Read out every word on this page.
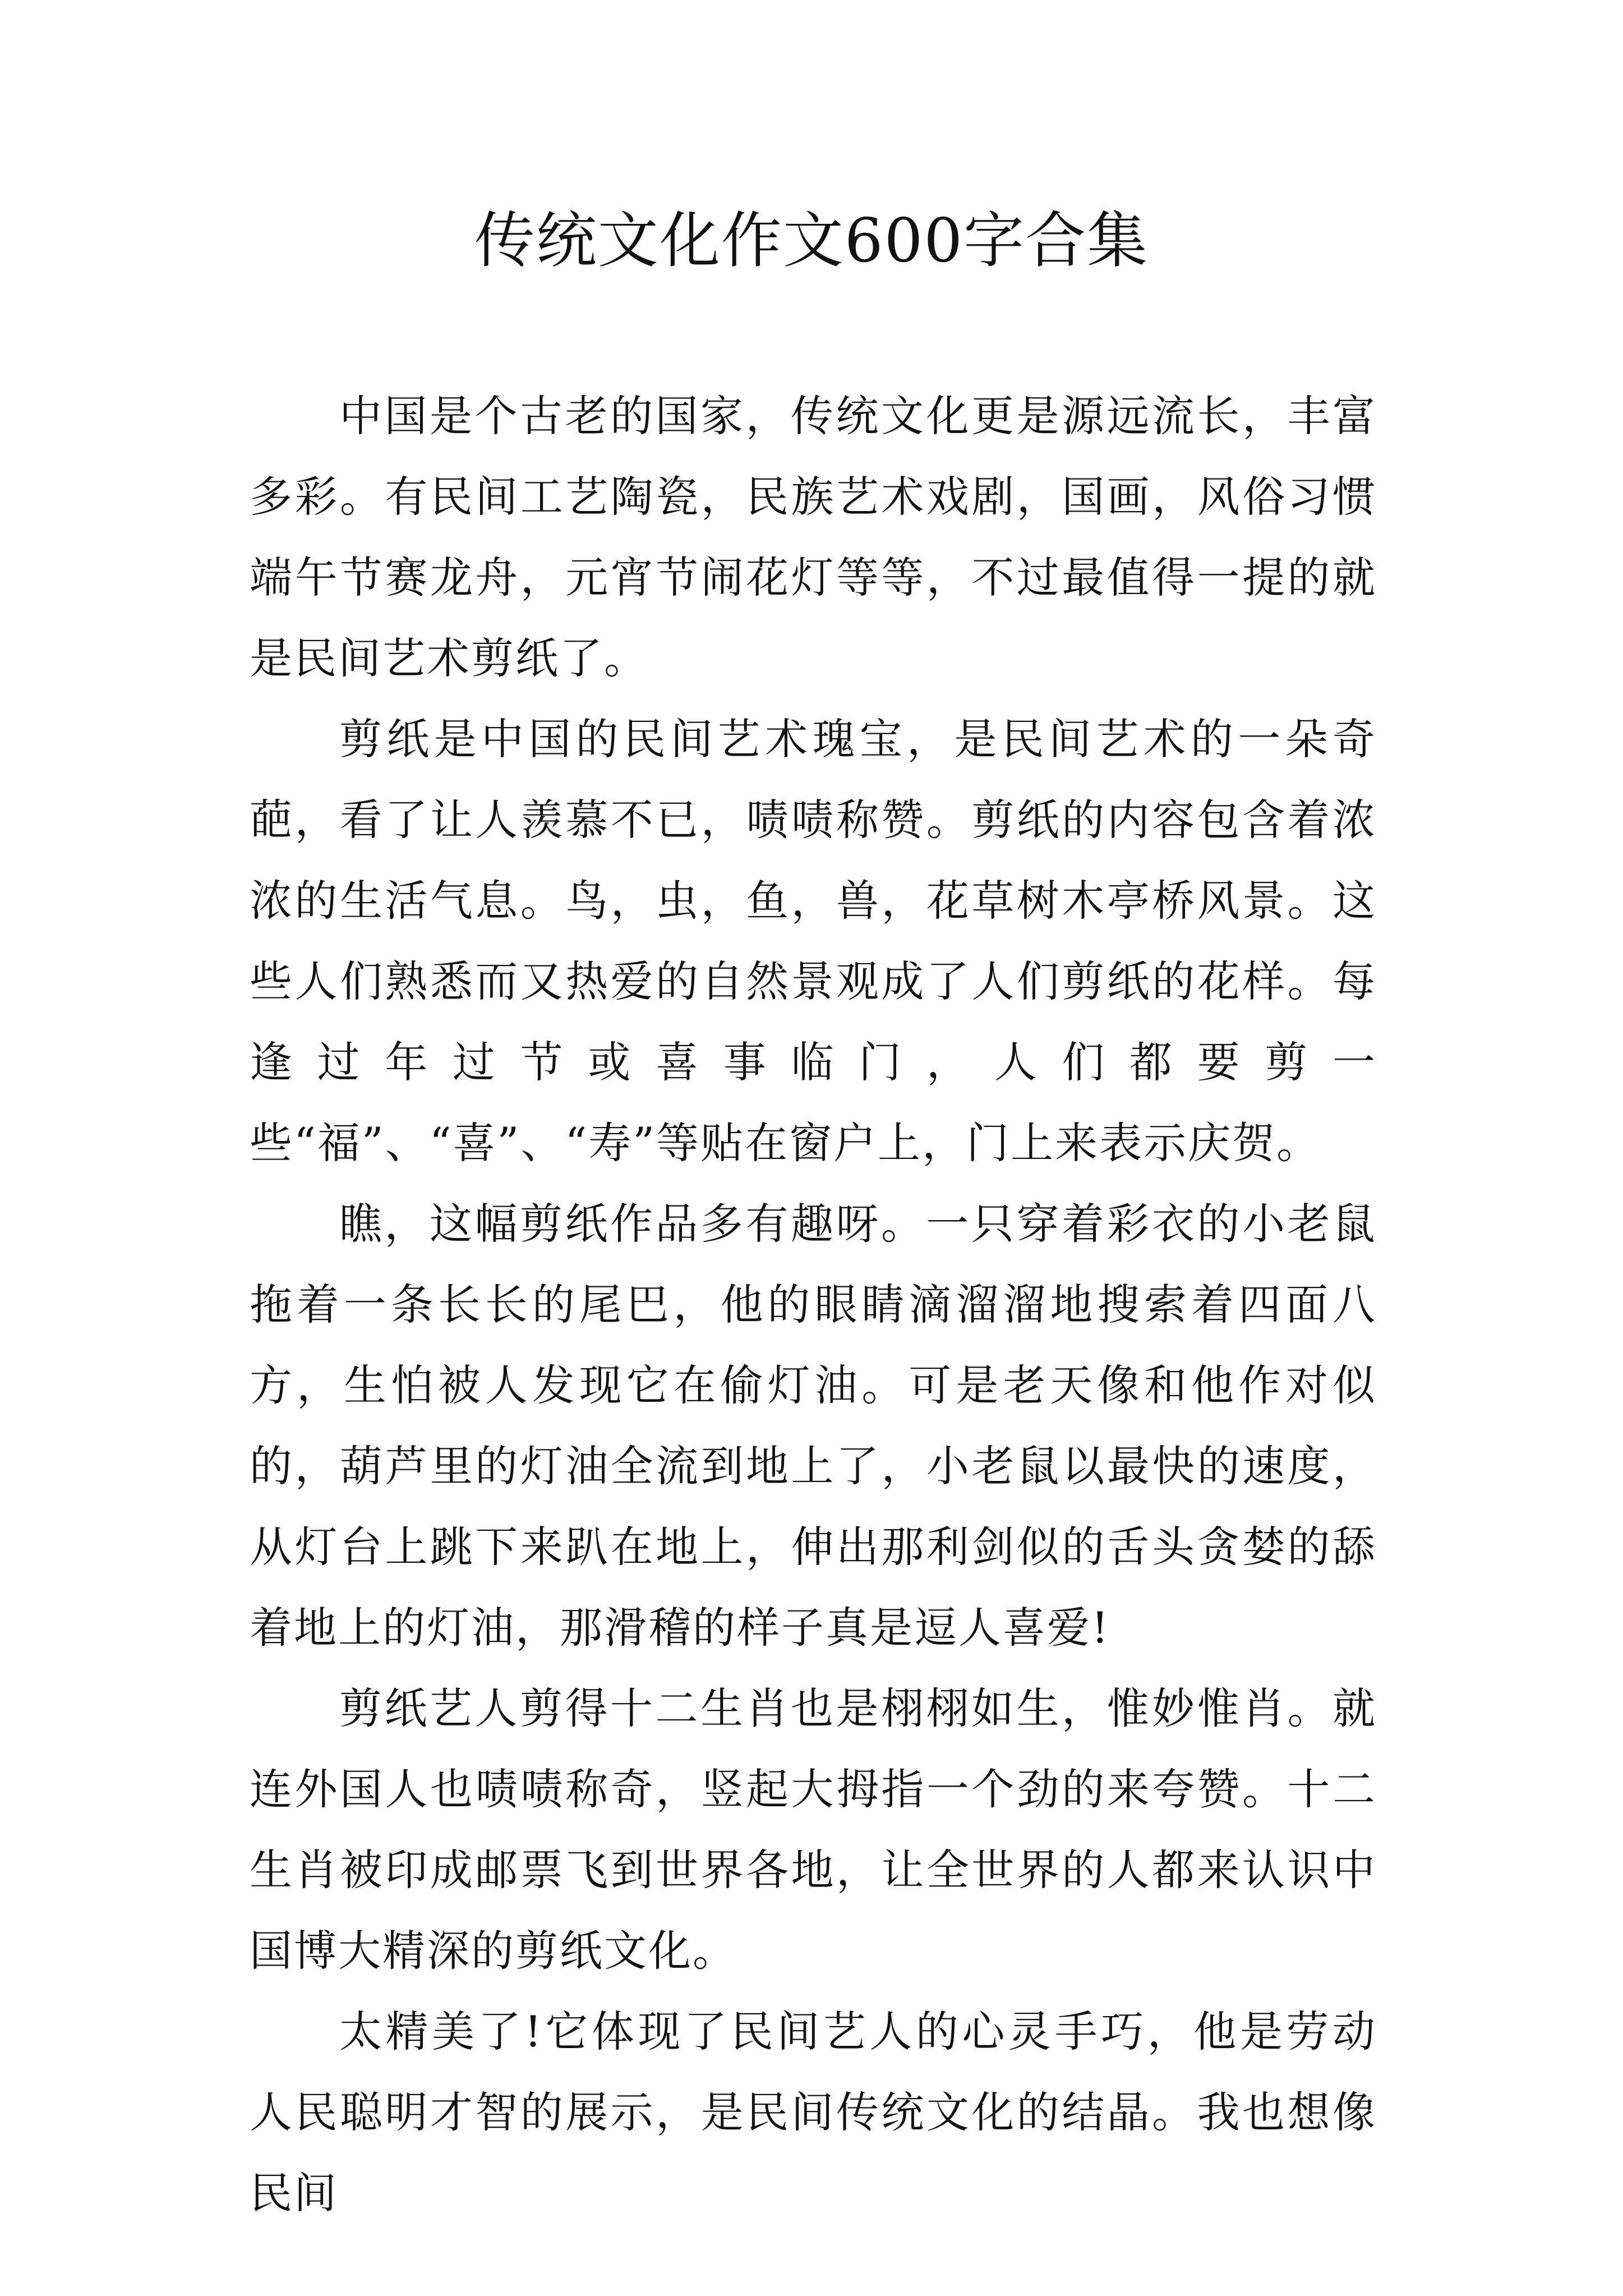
传统文化作文600字合集

中国是个古老的国家，传统文化更是源远流长，丰富多彩。有民间工艺陶瓷，民族艺术戏剧，国画，风俗习惯端午节赛龙舟，元宵节闹花灯等等，不过最值得一提的就是民间艺术剪纸了。

剪纸是中国的民间艺术瑰宝，是民间艺术的一朵奇葩，看了让人羡慕不已，啧啧称赞。剪纸的内容包含着浓浓的生活气息。鸟，虫，鱼，兽，花草树木亭桥风景。这些人们熟悉而又热爱的自然景观成了人们剪纸的花样。每逢过年过节或喜事临门，人们都要剪一些“福”、“喜”、“寿”等贴在窗户上，门上来表示庆贺。

瞧，这幅剪纸作品多有趣呀。一只穿着彩衣的小老鼠拖着一条长长的尾巴，他的眼睛滴溜溜地搜索着四面八方，生怕被人发现它在偷灯油。可是老天像和他作对似的，葫芦里的灯油全流到地上了，小老鼠以最快的速度，从灯台上跳下来趴在地上，伸出那利剑似的舌头贪婪的舔着地上的灯油，那滑稽的样子真是逗人喜爱!

剪纸艺人剪得十二生肖也是栩栩如生，惟妙惟肖。就连外国人也啧啧称奇，竖起大拇指一个劲的来夸赞。十二生肖被印成邮票飞到世界各地，让全世界的人都来认识中国博大精深的剪纸文化。

太精美了!它体现了民间艺人的心灵手巧，他是劳动人民聪明才智的展示，是民间传统文化的结晶。我也想像民间
